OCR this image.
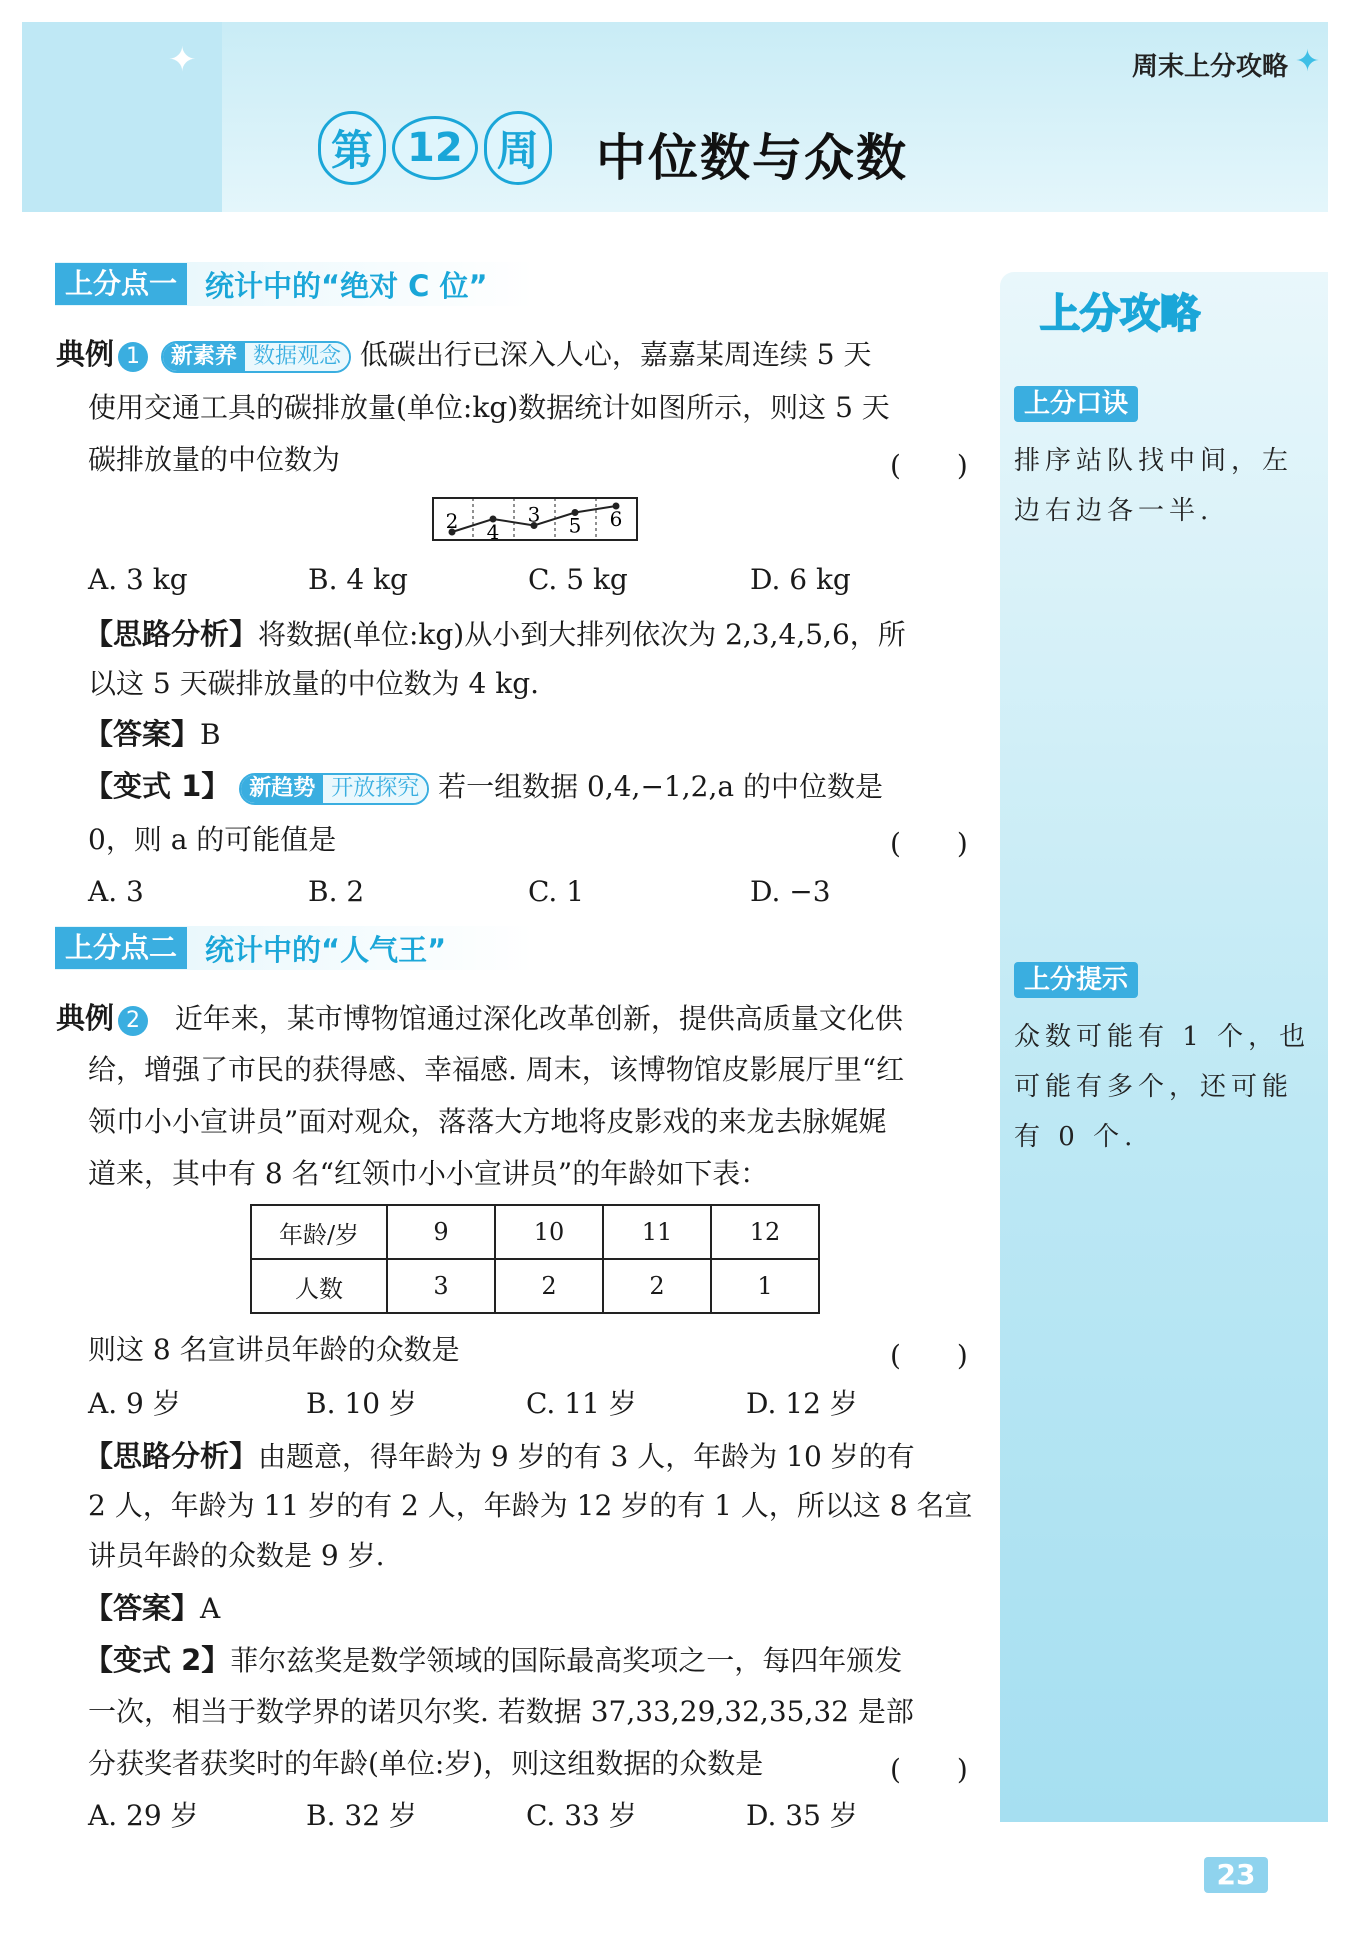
✦	周末上分攻略 ✦
第 12 周 中位数与众数
上分点一 统计中的“绝对 C 位”
典例 1 新素养 数据观念 低碳出行已深入人心，嘉嘉某周连续 5 天
使用交通工具的碳排放量(单位:kg)数据统计如图所示，则这 5 天
碳排放量的中位数为	(　　)
2 4
3 5 6
A. 3 kg	B. 4 kg	C. 5 kg	D. 6 kg
【思路分析】将数据(单位:kg)从小到大排列依次为 2,3,4,5,6，所
以这 5 天碳排放量的中位数为 4 kg.
【答案】B
【变式 1】 新趋势 开放探究 若一组数据 0,4,−1,2,a 的中位数是
0，则 a 的可能值是	(　　)
A. 3	B. 2	C. 1	D. −3
上分点二 统计中的“人气王”
典例 2 近年来，某市博物馆通过深化改革创新，提供高质量文化供
给，增强了市民的获得感、幸福感. 周末，该博物馆皮影展厅里“红
领巾小小宣讲员”面对观众，落落大方地将皮影戏的来龙去脉娓娓
道来，其中有 8 名“红领巾小小宣讲员”的年龄如下表：
年龄/岁	9	10	11	12
人数	3	2	2	1
则这 8 名宣讲员年龄的众数是	(　　)
A. 9 岁	B. 10 岁	C. 11 岁	D. 12 岁
【思路分析】由题意，得年龄为 9 岁的有 3 人，年龄为 10 岁的有
2 人，年龄为 11 岁的有 2 人，年龄为 12 岁的有 1 人，所以这 8 名宣
讲员年龄的众数是 9 岁.
【答案】A
【变式 2】菲尔兹奖是数学领域的国际最高奖项之一，每四年颁发
一次，相当于数学界的诺贝尔奖. 若数据 37,33,29,32,35,32 是部
分获奖者获奖时的年龄(单位:岁)，则这组数据的众数是	(　　)
A. 29 岁	B. 32 岁	C. 33 岁	D. 35 岁
上分攻略
上分口诀
排序站队找中间，左
边右边各一半.
上分提示
众数可能有 1 个，也
可能有多个，还可能
有 0 个.
23
